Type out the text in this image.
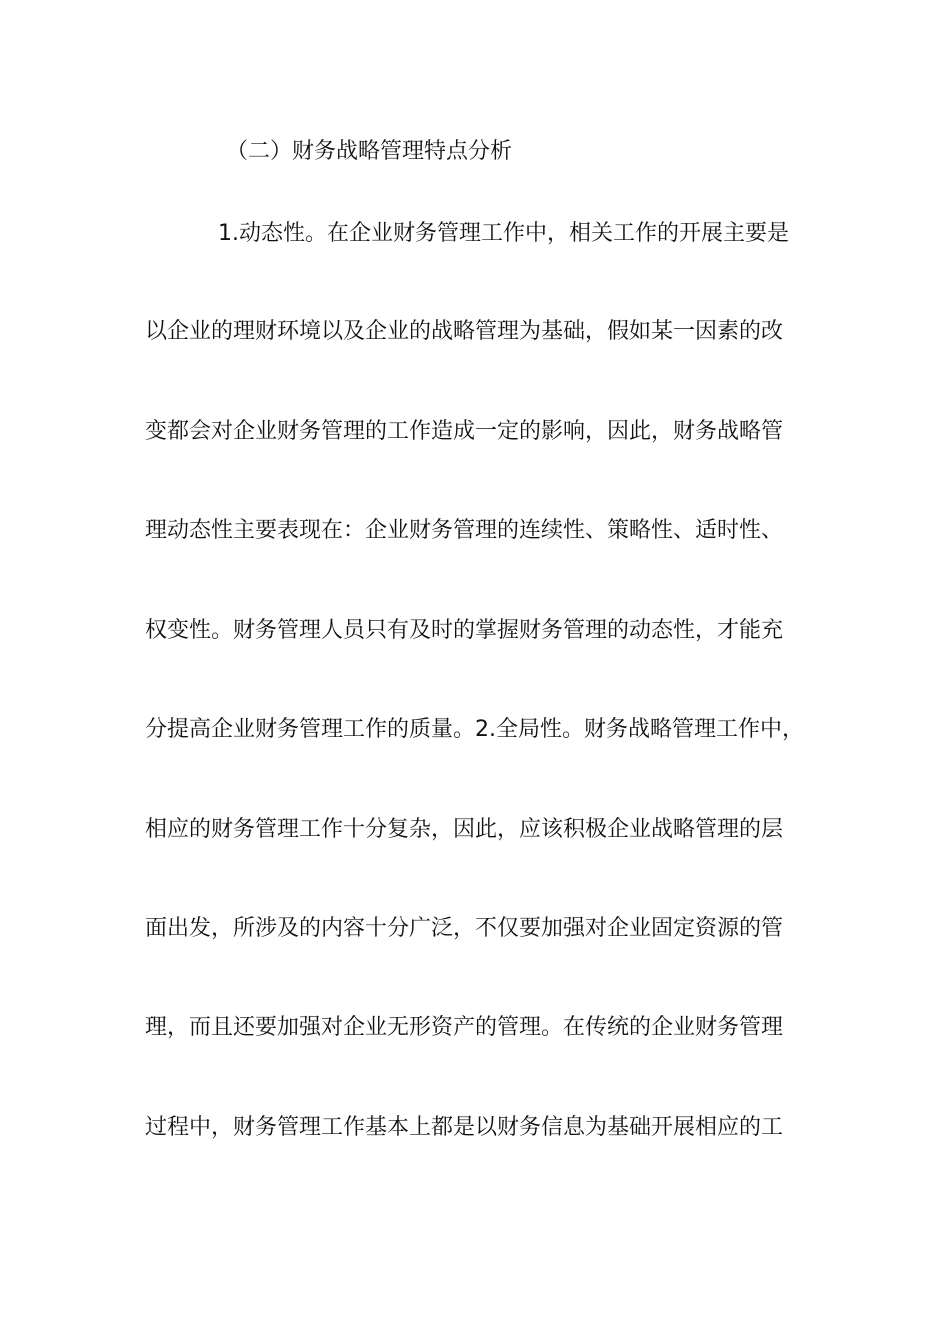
（二）财务战略管理特点分析
1.动态性。在企业财务管理工作中，相关工作的开展主要是
以企业的理财环境以及企业的战略管理为基础，假如某一因素的改
变都会对企业财务管理的工作造成一定的影响，因此，财务战略管
理动态性主要表现在：企业财务管理的连续性、策略性、适时性、
权变性。财务管理人员只有及时的掌握财务管理的动态性，才能充
分提高企业财务管理工作的质量。2.全局性。财务战略管理工作中，
相应的财务管理工作十分复杂，因此，应该积极企业战略管理的层
面出发，所涉及的内容十分广泛，不仅要加强对企业固定资源的管
理，而且还要加强对企业无形资产的管理。在传统的企业财务管理
过程中，财务管理工作基本上都是以财务信息为基础开展相应的工
